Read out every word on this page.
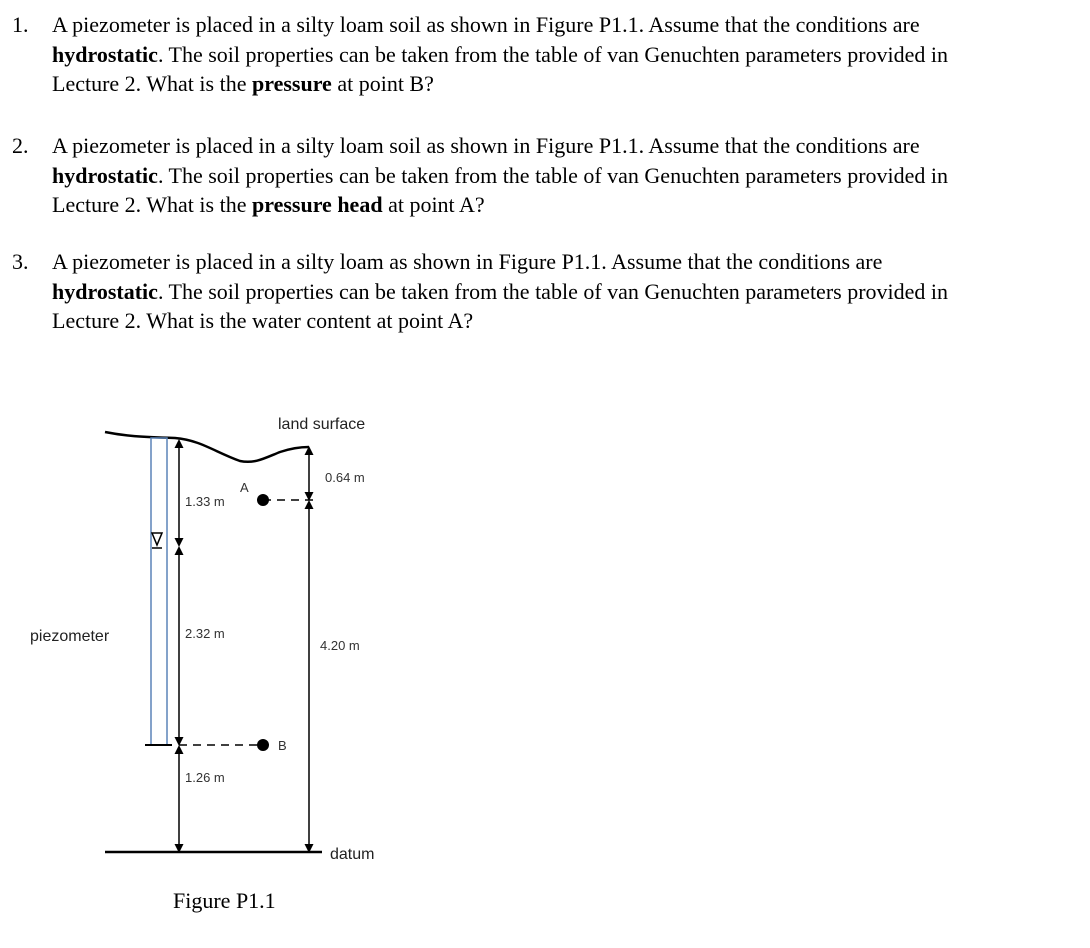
1. A piezometer is placed in a silty loam soil as shown in Figure P1.1. Assume that the conditions are
hydrostatic. The soil properties can be taken from the table of van Genuchten parameters provided in
Lecture 2. What is the pressure at point B?
2. A piezometer is placed in a silty loam soil as shown in Figure P1.1. Assume that the conditions are
hydrostatic. The soil properties can be taken from the table of van Genuchten parameters provided in
Lecture 2. What is the pressure head at point A?
3. A piezometer is placed in a silty loam as shown in Figure P1.1. Assume that the conditions are
hydrostatic. The soil properties can be taken from the table of van Genuchten parameters provided in
Lecture 2. What is the water content at point A?
land surface
0.64 m
1.33 m
A
piezometer	2.32 m
4.20 m
B
1.26 m
datum
Figure P1.1
